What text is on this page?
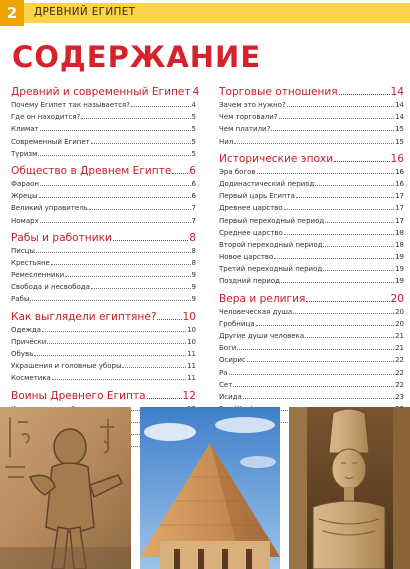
2	ДРЕВНИЙ ЕГИПЕТ
СОДЕРЖАНИЕ
Древний и современный Египет 4
Почему Египет так называется?	4
Где он находится?	5
Климат	5
Современный Египет	5
Туризм	5
Общество в Древнем Египте 6
Фараон	6
Жрецы	6
Великий управитель	7
Номарх	7
Рабы и работники	8
Писцы	8
Крестьяне	8
Ремесленники	9
Свобода и несвобода	9
Рабы	9
Как выглядели египтяне? 10
Одежда	10
Причёски	10
Обувь	11
Украшения и головные уборы	11
Косметика	11
Воины Древнего Египта	12
Торговые отношения	14
Зачем это нужно?	14
Чем торговали?	14
Чем платили?	15
Нил	15
Исторические эпохи	16
Эра богов	16
Додинастический период	16
Первый царь Египта	17
Древнее царство	17
Первый переходный период	17
Среднее царство	18
Второй переходный период	18
Новое царство	19
Третий переходный период	19
Поздний период	19
Вера и религия	20
Человеческая душа	20
Гробница	20
Другие души человека	21
Боги	21
Осирис	22
Ра	22
Сет	22
Исида	23
